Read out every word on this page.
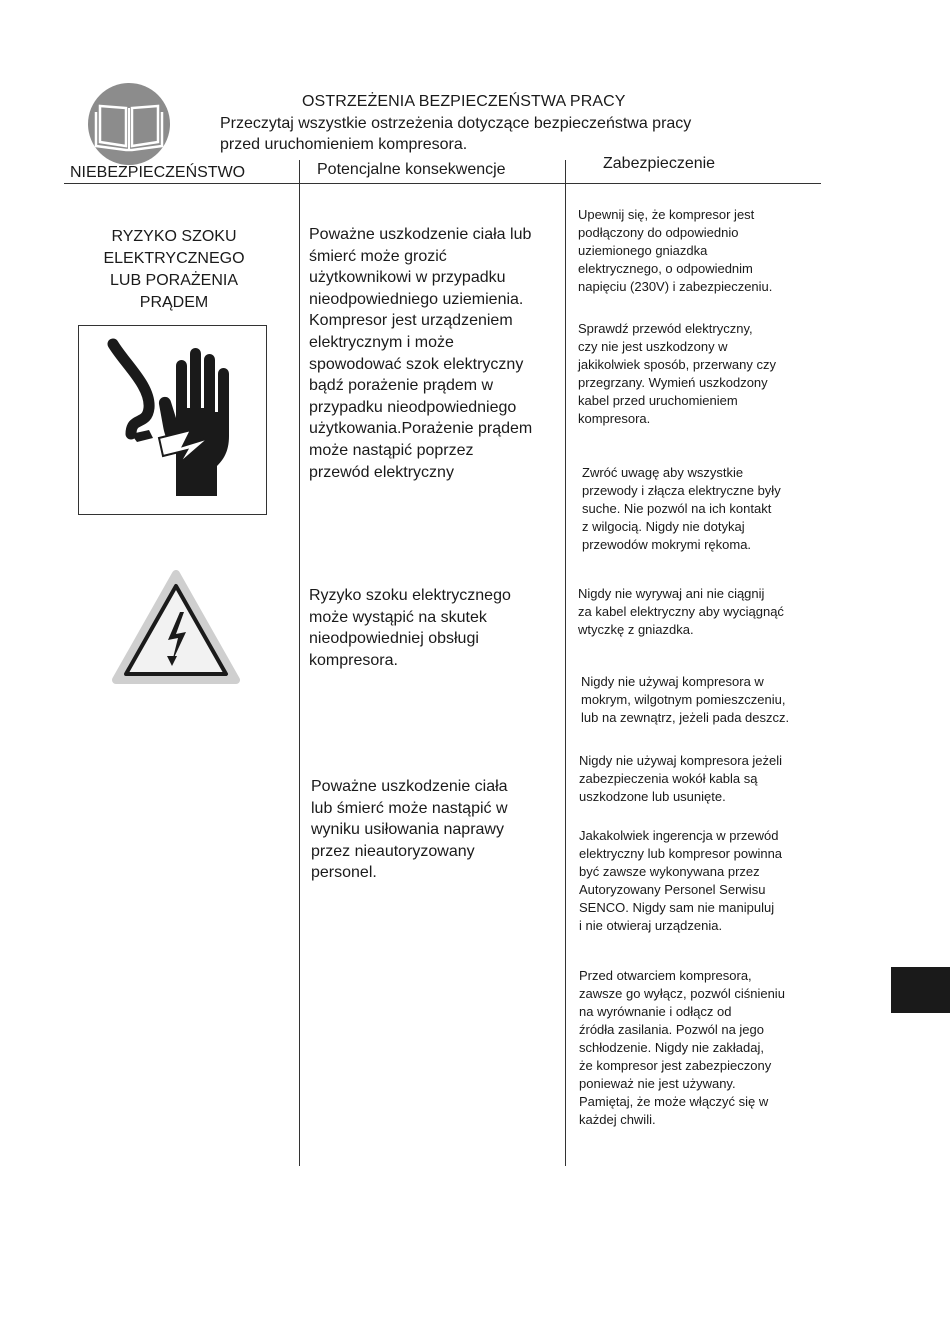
OSTRZEŻENIA BEZPIECZEŃSTWA PRACY
Przeczytaj wszystkie ostrzeżenia dotyczące bezpieczeństwa pracy
przed uruchomieniem kompresora.
NIEBEZPIECZEŃSTWO	Potencjalne konsekwencje	Zabezpieczenie
RYZYKO SZOKU
ELEKTRYCZNEGO
LUB PORAŻENIA
PRĄDEM
Poważne uszkodzenie ciała lub
śmierć może grozić
użytkownikowi w przypadku
nieodpowiedniego uziemienia.
Kompresor jest urządzeniem
elektrycznym i może
spowodować szok elektryczny
bądź porażenie prądem w
przypadku nieodpowiedniego
użytkowania.Porażenie prądem
może nastąpić poprzez
przewód elektryczny
Ryzyko szoku elektrycznego
może wystąpić na skutek
nieodpowiedniej obsługi
kompresora.
Poważne uszkodzenie ciała
lub śmierć może nastąpić w
wyniku usiłowania naprawy
przez nieautoryzowany
personel.
Upewnij się, że kompresor jest
podłączony do odpowiednio
uziemionego gniazdka
elektrycznego, o odpowiednim
napięciu (230V) i zabezpieczeniu.
Sprawdź przewód elektryczny,
czy nie jest uszkodzony w
jakikolwiek sposób, przerwany czy
przegrzany. Wymień uszkodzony
kabel przed uruchomieniem
kompresora.
Zwróć uwagę aby wszystkie
przewody i złącza elektryczne były
suche. Nie pozwól na ich kontakt
z wilgocią. Nigdy nie dotykaj
przewodów mokrymi rękoma.
Nigdy nie wyrywaj ani nie ciągnij
za kabel elektryczny aby wyciągnąć
wtyczkę z gniazdka.
Nigdy nie używaj kompresora w
mokrym, wilgotnym pomieszczeniu,
lub na zewnątrz, jeżeli pada deszcz.
Nigdy nie używaj kompresora jeżeli
zabezpieczenia wokół kabla są
uszkodzone lub usunięte.
Jakakolwiek ingerencja w przewód
elektryczny lub kompresor powinna
być zawsze wykonywana przez
Autoryzowany Personel Serwisu
SENCO. Nigdy sam nie manipuluj
i nie otwieraj urządzenia.
Przed otwarciem kompresora,
zawsze go wyłącz, pozwól ciśnieniu
na wyrównanie i odłącz od
źródła zasilania. Pozwól na jego
schłodzenie. Nigdy nie zakładaj,
że kompresor jest zabezpieczony
ponieważ nie jest używany.
Pamiętaj, że może włączyć się w
każdej chwili.
